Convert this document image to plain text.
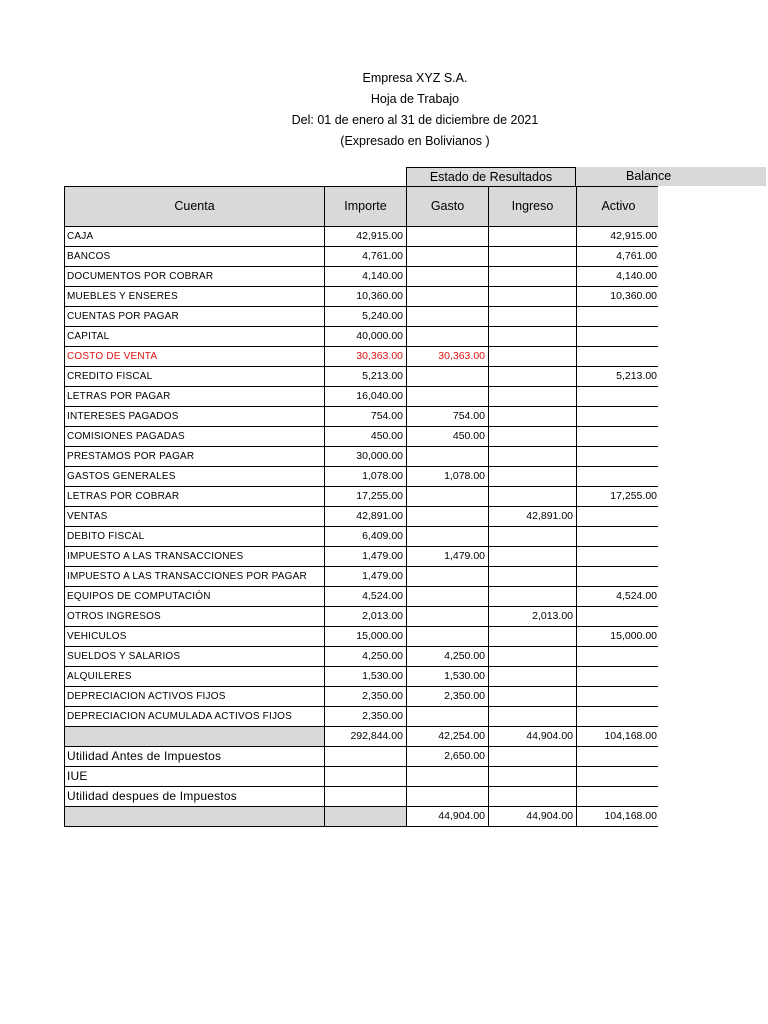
Empresa XYZ S.A.
Hoja de Trabajo
Del: 01 de enero al 31 de diciembre de 2021
(Expresado en Bolivianos )
Estado de Resultados	Balance
Cuenta	Importe	Gasto	Ingreso	Activo
CAJA	42,915.00			42,915.00
BANCOS	4,761.00			4,761.00
DOCUMENTOS POR COBRAR	4,140.00			4,140.00
MUEBLES Y ENSERES	10,360.00			10,360.00
CUENTAS POR PAGAR	5,240.00			
CAPITAL	40,000.00			
COSTO DE VENTA	30,363.00	30,363.00		
CREDITO FISCAL	5,213.00			5,213.00
LETRAS POR PAGAR	16,040.00			
INTERESES PAGADOS	754.00	754.00		
COMISIONES PAGADAS	450.00	450.00		
PRESTAMOS POR PAGAR	30,000.00			
GASTOS GENERALES	1,078.00	1,078.00		
LETRAS POR COBRAR	17,255.00			17,255.00
VENTAS	42,891.00		42,891.00	
DEBITO FISCAL	6,409.00			
IMPUESTO A LAS TRANSACCIONES	1,479.00	1,479.00		
IMPUESTO A LAS TRANSACCIONES POR PAGAR	1,479.00			
EQUIPOS DE COMPUTACIÓN	4,524.00			4,524.00
OTROS INGRESOS	2,013.00		2,013.00	
VEHICULOS	15,000.00			15,000.00
SUELDOS Y SALARIOS	4,250.00	4,250.00		
ALQUILERES	1,530.00	1,530.00		
DEPRECIACION ACTIVOS FIJOS	2,350.00	2,350.00		
DEPRECIACION ACUMULADA ACTIVOS FIJOS	2,350.00			
	292,844.00	42,254.00	44,904.00	104,168.00
Utilidad Antes de Impuestos		2,650.00		
IUE				
Utilidad despues de Impuestos				
		44,904.00	44,904.00	104,168.00
